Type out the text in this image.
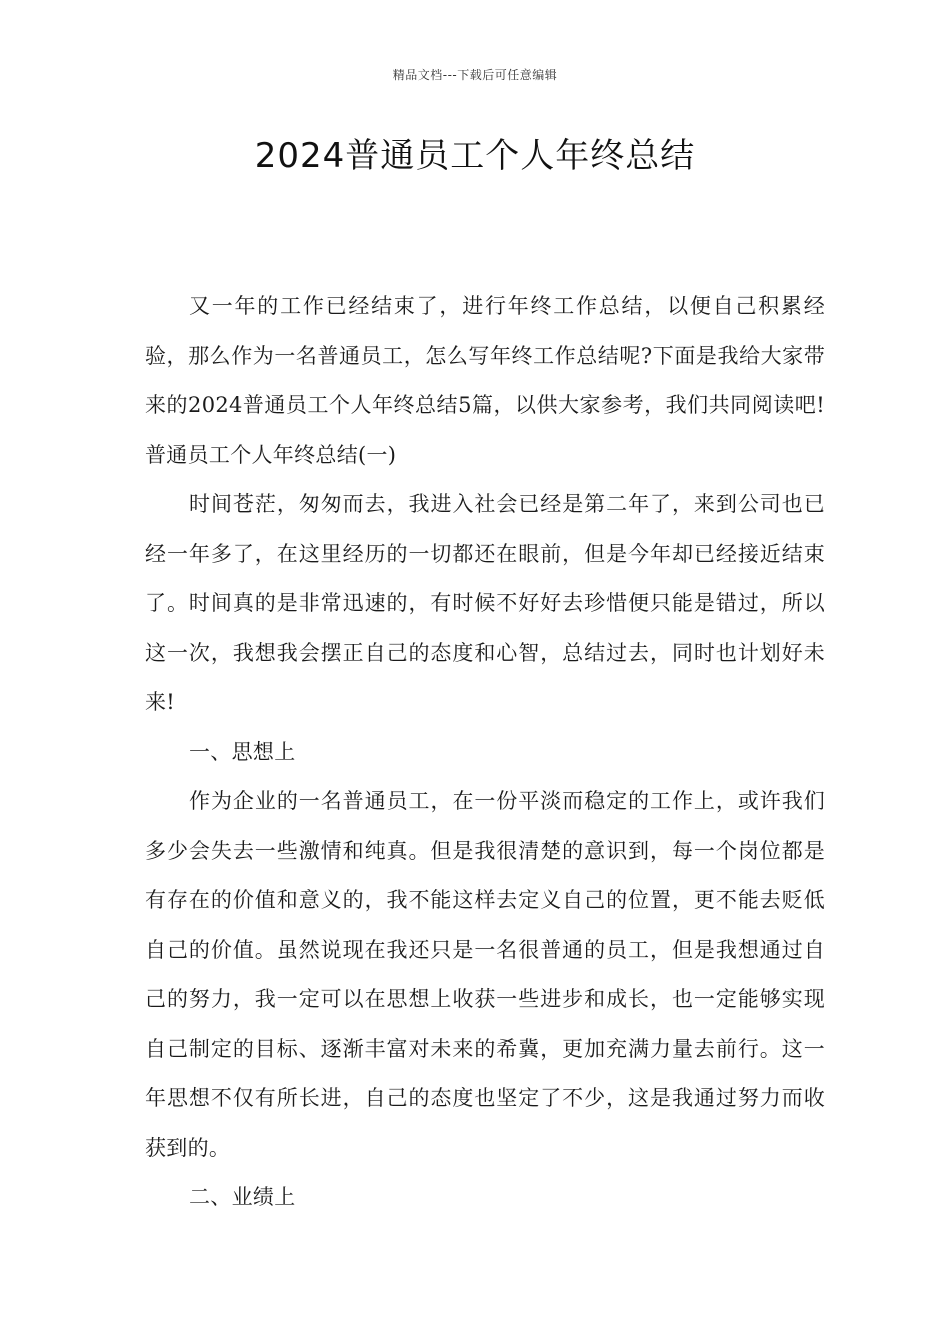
精品文档---下载后可任意编辑
2024普通员工个人年终总结

又一年的工作已经结束了，进行年终工作总结，以便自己积累经验，那么作为一名普通员工，怎么写年终工作总结呢?下面是我给大家带来的2024普通员工个人年终总结5篇，以供大家参考，我们共同阅读吧!普通员工个人年终总结(一)

时间苍茫，匆匆而去，我进入社会已经是第二年了，来到公司也已经一年多了，在这里经历的一切都还在眼前，但是今年却已经接近结束了。时间真的是非常迅速的，有时候不好好去珍惜便只能是错过，所以这一次，我想我会摆正自己的态度和心智，总结过去，同时也计划好未来!

一、思想上

作为企业的一名普通员工，在一份平淡而稳定的工作上，或许我们多少会失去一些激情和纯真。但是我很清楚的意识到，每一个岗位都是有存在的价值和意义的，我不能这样去定义自己的位置，更不能去贬低自己的价值。虽然说现在我还只是一名很普通的员工，但是我想通过自己的努力，我一定可以在思想上收获一些进步和成长，也一定能够实现自己制定的目标、逐渐丰富对未来的希冀，更加充满力量去前行。这一年思想不仅有所长进，自己的态度也坚定了不少，这是我通过努力而收获到的。

二、业绩上
